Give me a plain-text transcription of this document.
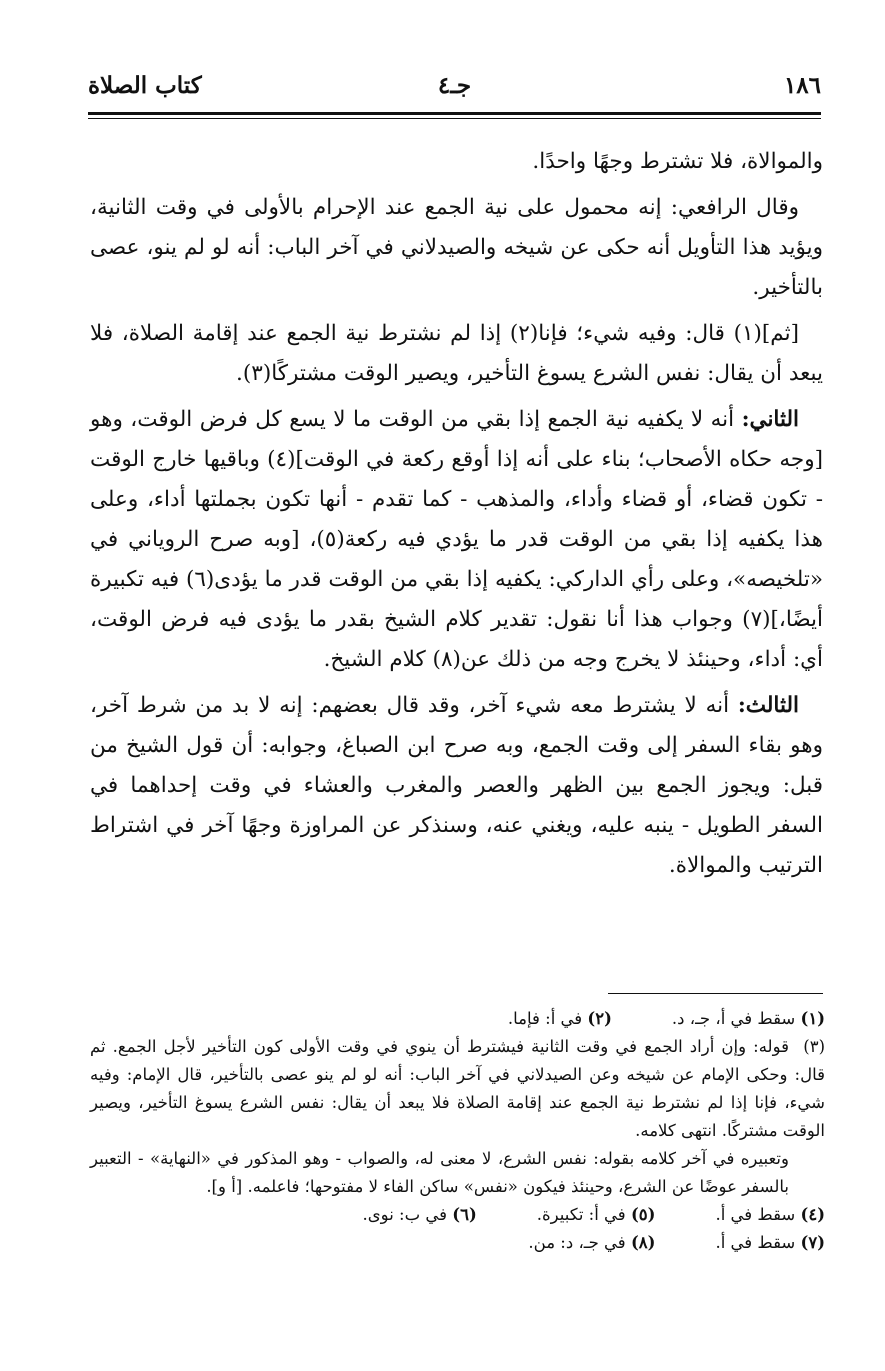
١٨٦
جـ٤
كتاب الصلاة

والموالاة، فلا تشترط وجهًا واحدًا.

وقال الرافعي: إنه محمول على نية الجمع عند الإحرام بالأولى في وقت الثانية، ويؤيد هذا التأويل أنه حكى عن شيخه والصيدلاني في آخر الباب: أنه لو لم ينو، عصى بالتأخير.

[ثم](١) قال: وفيه شيء؛ فإنا(٢) إذا لم نشترط نية الجمع عند إقامة الصلاة، فلا يبعد أن يقال: نفس الشرع يسوغ التأخير، ويصير الوقت مشتركًا(٣).

الثاني: أنه لا يكفيه نية الجمع إذا بقي من الوقت ما لا يسع كل فرض الوقت، وهو [وجه حكاه الأصحاب؛ بناء على أنه إذا أوقع ركعة في الوقت](٤) وباقيها خارج الوقت - تكون قضاء، أو قضاء وأداء، والمذهب - كما تقدم - أنها تكون بجملتها أداء، وعلى هذا يكفيه إذا بقي من الوقت قدر ما يؤدي فيه ركعة(٥)، [وبه صرح الروياني في «تلخيصه»، وعلى رأي الداركي: يكفيه إذا بقي من الوقت قدر ما يؤدى(٦) فيه تكبيرة أيضًا،](٧) وجواب هذا أنا نقول: تقدير كلام الشيخ بقدر ما يؤدى فيه فرض الوقت، أي: أداء، وحينئذ لا يخرج وجه من ذلك عن(٨) كلام الشيخ.

الثالث: أنه لا يشترط معه شيء آخر، وقد قال بعضهم: إنه لا بد من شرط آخر، وهو بقاء السفر إلى وقت الجمع، وبه صرح ابن الصباغ، وجوابه: أن قول الشيخ من قبل: ويجوز الجمع بين الظهر والعصر والمغرب والعشاء في وقت إحداهما في السفر الطويل - ينبه عليه، ويغني عنه، وسنذكر عن المراوزة وجهًا آخر في اشتراط الترتيب والموالاة.

(١) سقط في أ، جـ، د.
(٢) في أ: فإما.

(٣)قوله: وإن أراد الجمع في وقت الثانية فيشترط أن ينوي في وقت الأولى كون التأخير لأجل الجمع. ثم قال: وحكى الإمام عن شيخه وعن الصيدلاني في آخر الباب: أنه لو لم ينو عصى بالتأخير، قال الإمام: وفيه شيء، فإنا إذا لم نشترط نية الجمع عند إقامة الصلاة فلا يبعد أن يقال: نفس الشرع يسوغ التأخير، ويصير الوقت مشتركًا. انتهى كلامه.

وتعبيره في آخر كلامه بقوله: نفس الشرع، لا معنى له، والصواب - وهو المذكور في «النهاية» - التعبير بالسفر عوضًا عن الشرع، وحينئذ فيكون «نفس» ساكن الفاء لا مفتوحها؛ فاعلمه. [أ و].

(٤) سقط في أ.
(٥) في أ: تكبيرة.
(٦) في ب: نوى.
(٧) سقط في أ.
(٨) في جـ، د: من.
